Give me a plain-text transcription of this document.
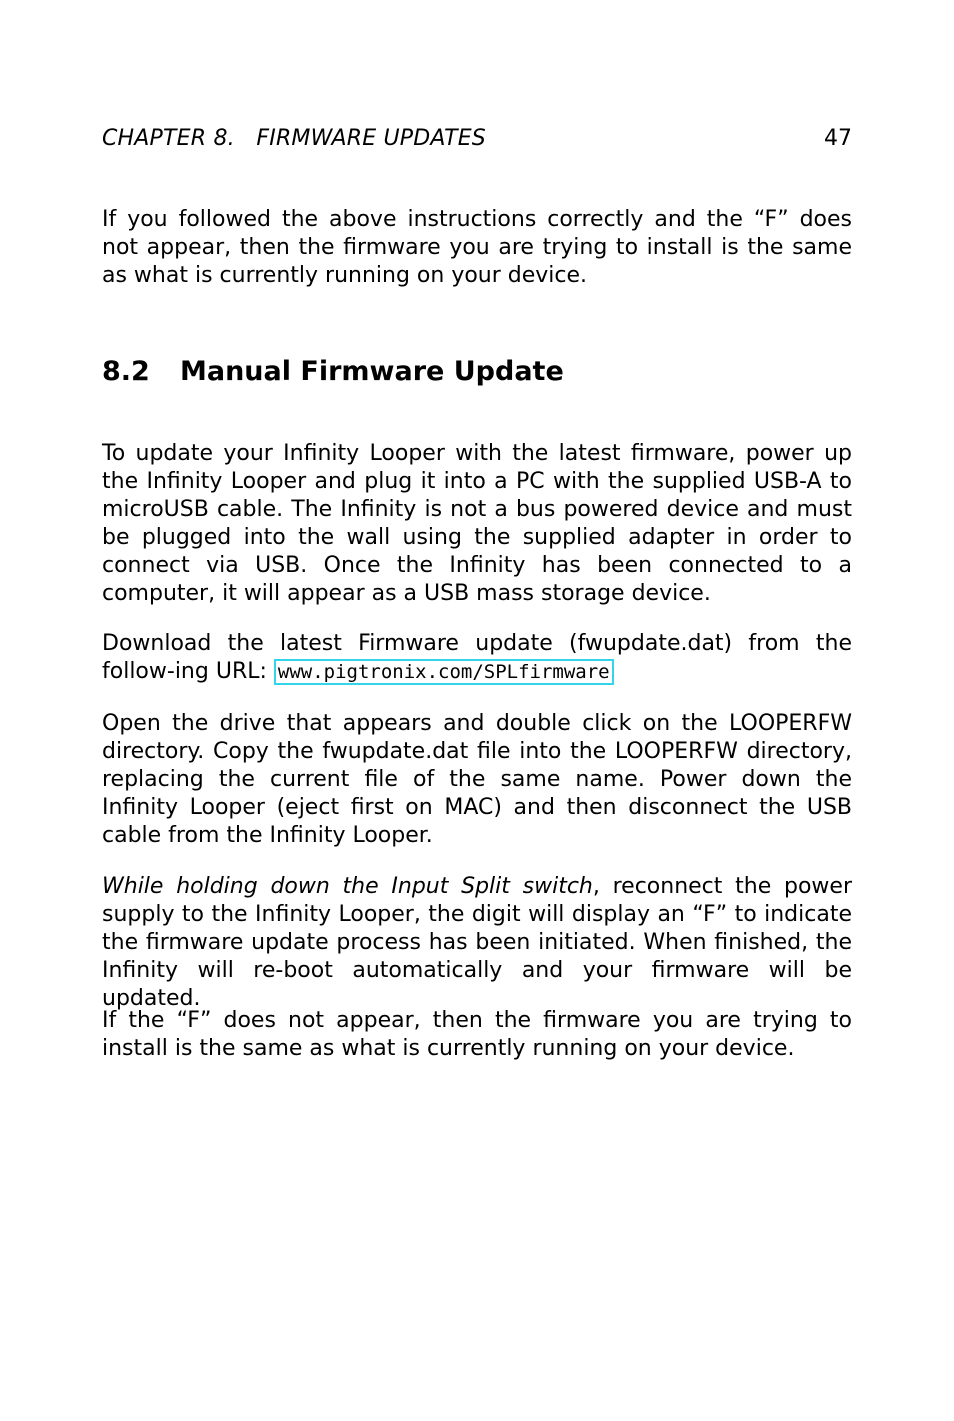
CHAPTER 8.   FIRMWARE UPDATES	47

If you followed the above instructions correctly and the “F” does not appear, then the firmware you are trying to install is the same as what is currently running on your device.

8.2 Manual Firmware Update

To update your Infinity Looper with the latest firmware, power up the Infinity Looper and plug it into a PC with the supplied USB-A to microUSB cable. The Infinity is not a bus powered device and must be plugged into the wall using the supplied adapter in order to connect via USB. Once the Infinity has been connected to a computer, it will appear as a USB mass storage device.

Download the latest Firmware update (fwupdate.dat) from the follow-ing URL: www.pigtronix.com/SPLfirmware

Open the drive that appears and double click on the LOOPERFW directory. Copy the fwupdate.dat file into the LOOPERFW directory, replacing the current file of the same name. Power down the Infinity Looper (eject first on MAC) and then disconnect the USB cable from the Infinity Looper.

While holding down the Input Split switch, reconnect the power supply to the Infinity Looper, the digit will display an “F” to indicate the firmware update process has been initiated. When finished, the Infinity will re-boot automatically and your firmware will be updated.

If the “F” does not appear, then the firmware you are trying to install is the same as what is currently running on your device.
